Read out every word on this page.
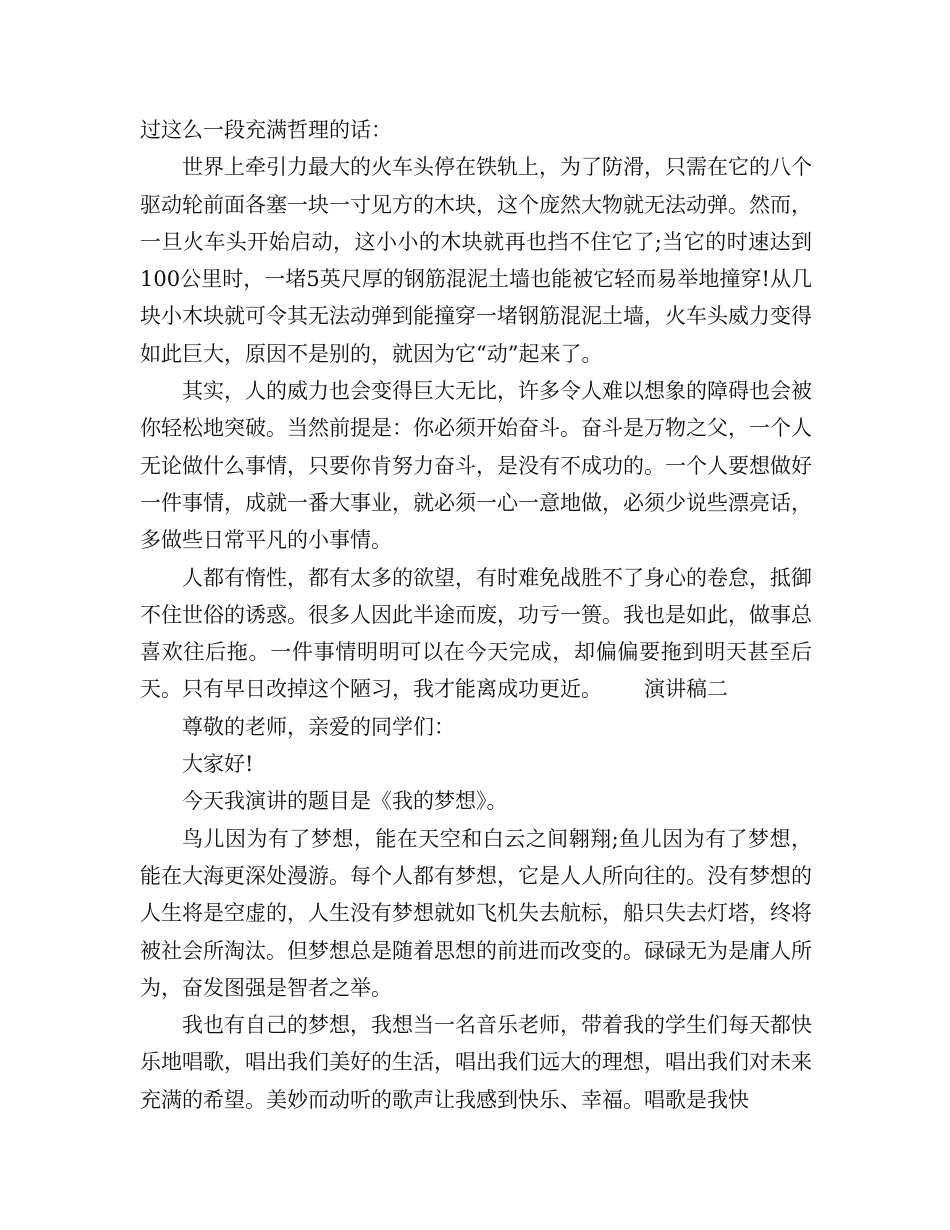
过这么一段充满哲理的话：

世界上牵引力最大的火车头停在铁轨上，为了防滑，只需在它的八个驱动轮前面各塞一块一寸见方的木块，这个庞然大物就无法动弹。然而，一旦火车头开始启动，这小小的木块就再也挡不住它了;当它的时速达到100公里时，一堵5英尺厚的钢筋混泥土墙也能被它轻而易举地撞穿!从几块小木块就可令其无法动弹到能撞穿一堵钢筋混泥土墙，火车头威力变得如此巨大，原因不是别的，就因为它“动”起来了。

其实，人的威力也会变得巨大无比，许多令人难以想象的障碍也会被你轻松地突破。当然前提是：你必须开始奋斗。奋斗是万物之父，一个人无论做什么事情，只要你肯努力奋斗，是没有不成功的。一个人要想做好一件事情，成就一番大事业，就必须一心一意地做，必须少说些漂亮话，多做些日常平凡的小事情。

人都有惰性，都有太多的欲望，有时难免战胜不了身心的卷怠，抵御不住世俗的诱惑。很多人因此半途而废，功亏一篑。我也是如此，做事总喜欢往后拖。一件事情明明可以在今天完成，却偏偏要拖到明天甚至后天。只有早日改掉这个陋习，我才能离成功更近。 演讲稿二

尊敬的老师，亲爱的同学们：

大家好!

今天我演讲的题目是《我的梦想》。

鸟儿因为有了梦想，能在天空和白云之间翱翔;鱼儿因为有了梦想，能在大海更深处漫游。每个人都有梦想，它是人人所向往的。没有梦想的人生将是空虚的，人生没有梦想就如飞机失去航标，船只失去灯塔，终将被社会所淘汰。但梦想总是随着思想的前进而改变的。碌碌无为是庸人所为，奋发图强是智者之举。

我也有自己的梦想，我想当一名音乐老师，带着我的学生们每天都快乐地唱歌，唱出我们美好的生活，唱出我们远大的理想，唱出我们对未来充满的希望。美妙而动听的歌声让我感到快乐、幸福。唱歌是我快
